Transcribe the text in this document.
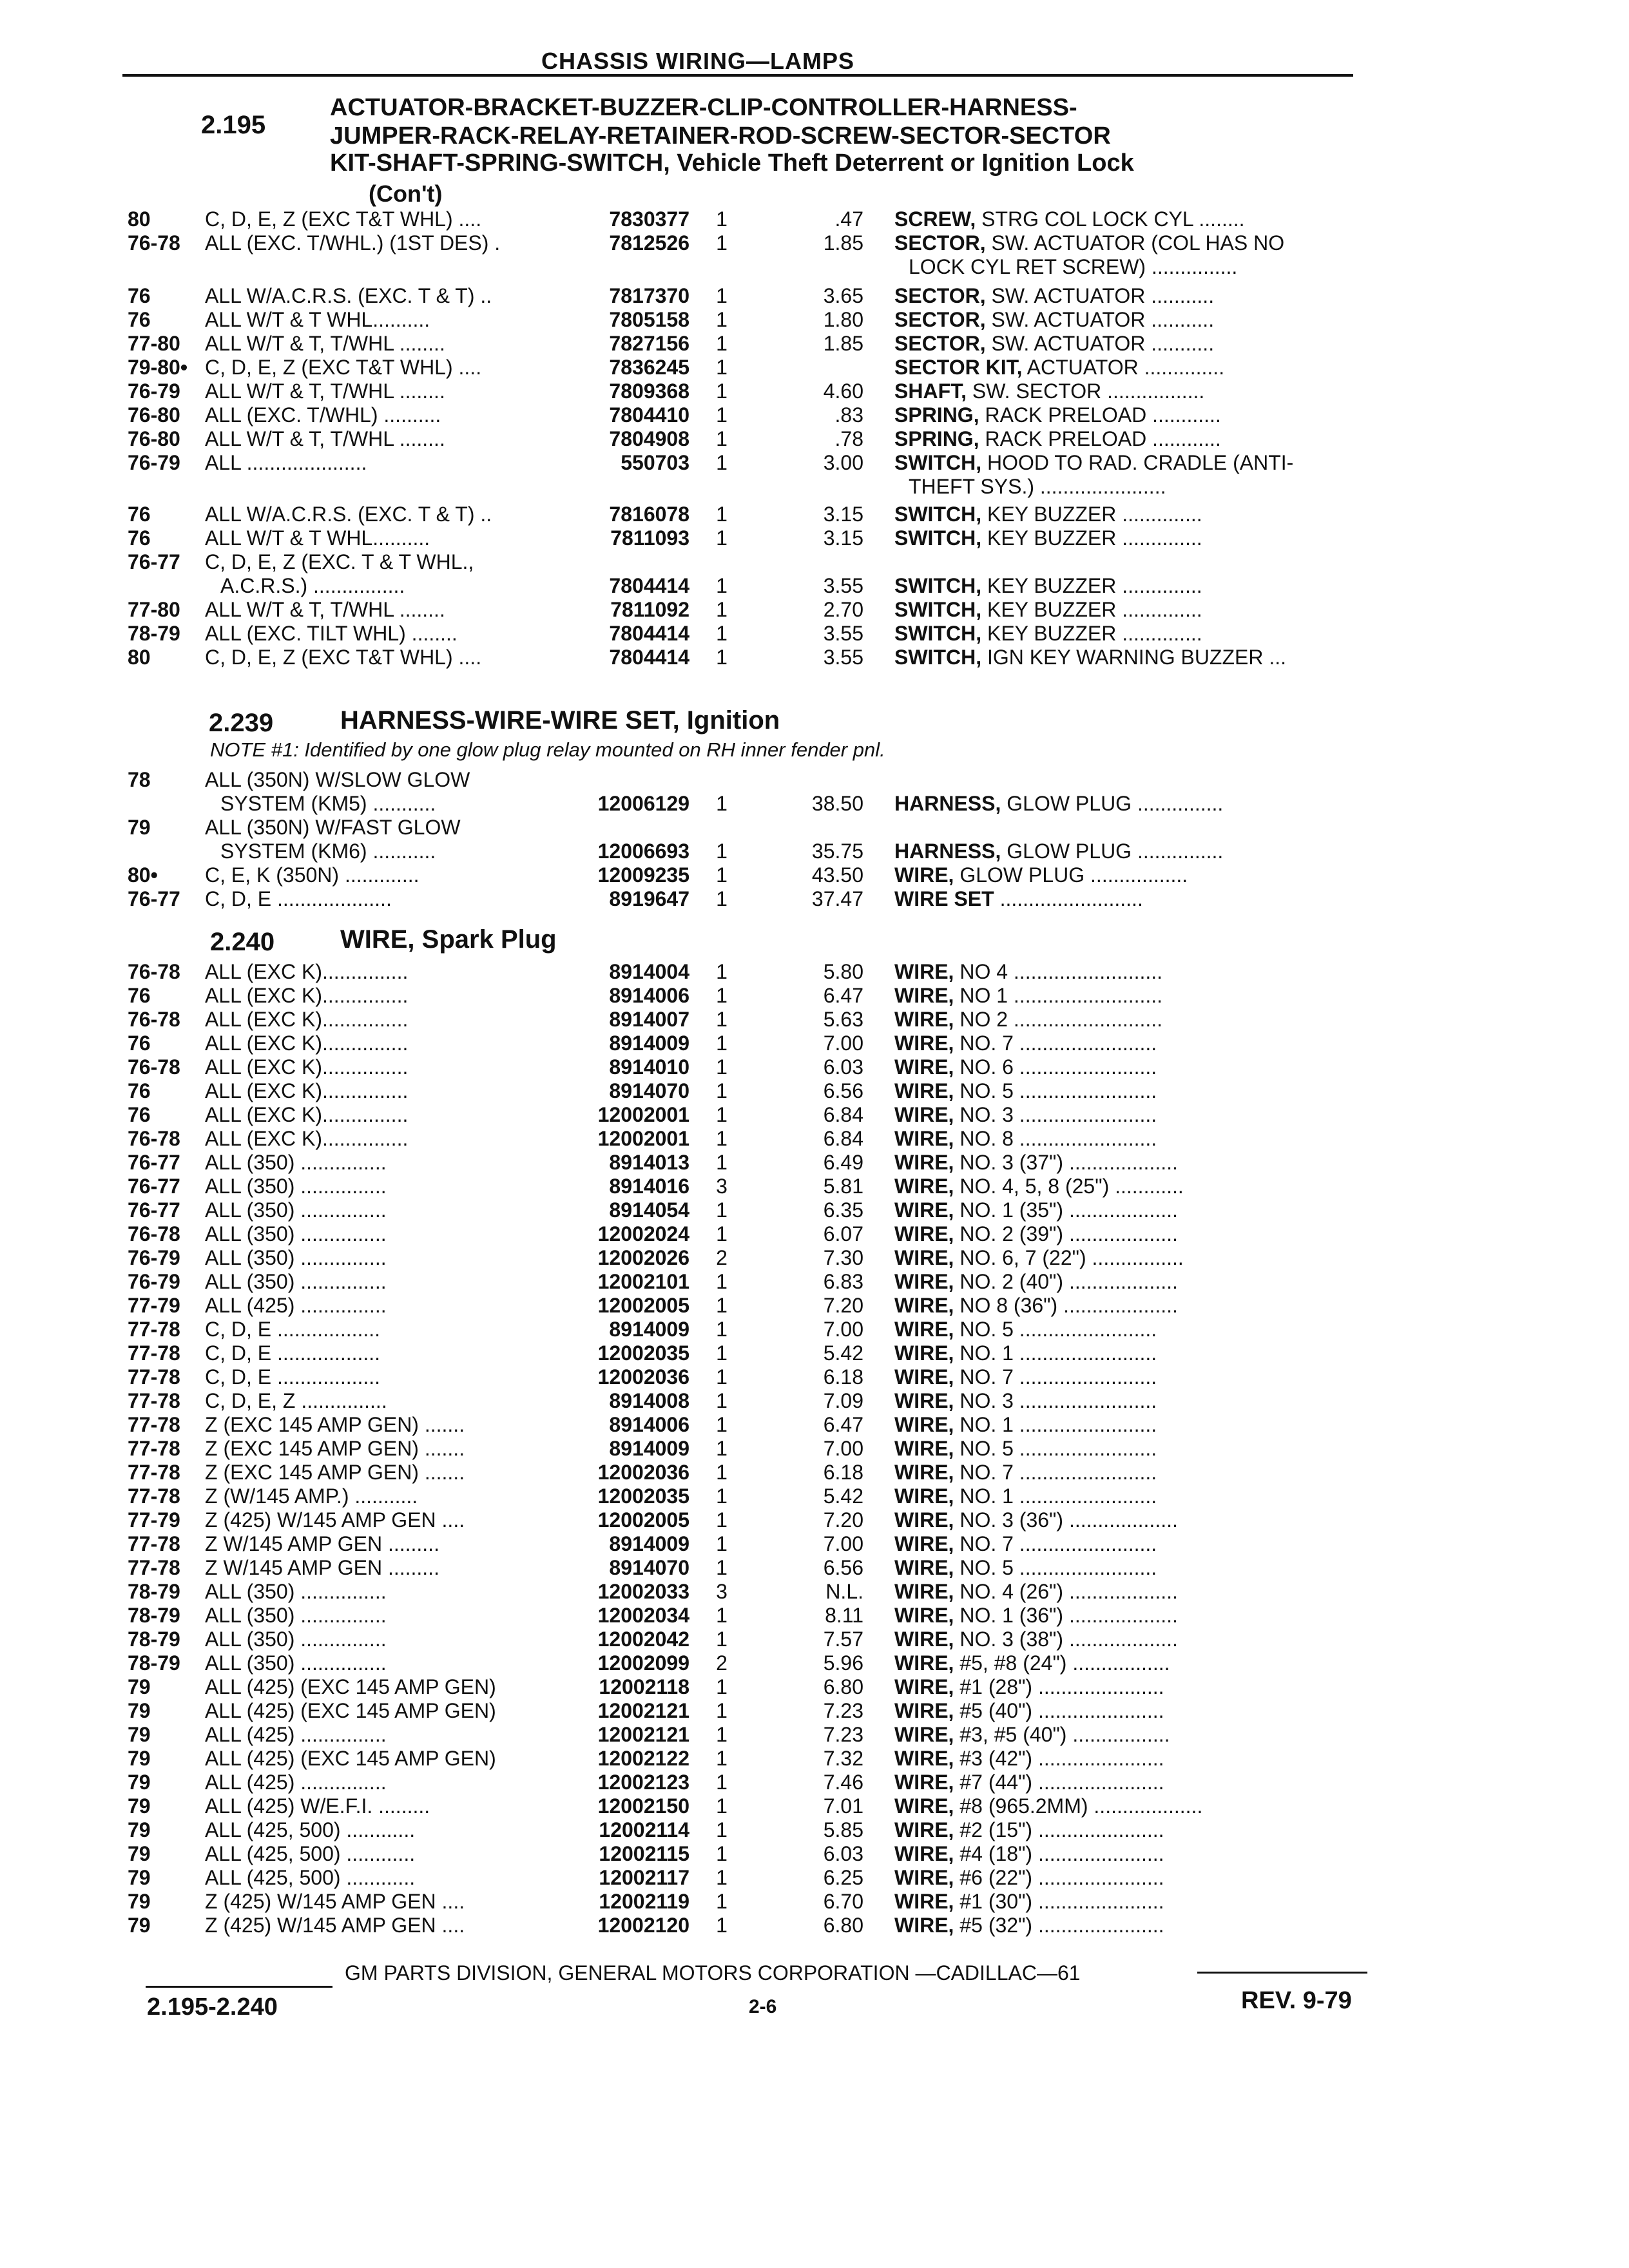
CHASSIS WIRING—LAMPS
2.195
ACTUATOR-BRACKET-BUZZER-CLIP-CONTROLLER-HARNESS-
JUMPER-RACK-RELAY-RETAINER-ROD-SCREW-SECTOR-SECTOR
KIT-SHAFT-SPRING-SWITCH, Vehicle Theft Deterrent or Ignition Lock
(Con't)
80	C, D, E, Z (EXC T&T WHL) ....	7830377	1	.47 SCREW, STRG COL LOCK CYL ........
76-78 ALL (EXC. T/WHL.) (1ST DES) .	7812526	1	1.85 SECTOR, SW. ACTUATOR (COL HAS NO
LOCK CYL RET SCREW) ...............
76	ALL W/A.C.R.S. (EXC. T & T) ..	7817370	1	3.65 SECTOR, SW. ACTUATOR ...........
76	ALL W/T & T WHL..........	7805158	1	1.80 SECTOR, SW. ACTUATOR ...........
77-80 ALL W/T & T, T/WHL ........	7827156	1	1.85 SECTOR, SW. ACTUATOR ...........
79-80• C, D, E, Z (EXC T&T WHL) ....	7836245	1	SECTOR KIT, ACTUATOR ..............
76-79 ALL W/T & T, T/WHL ........	7809368	1	4.60 SHAFT, SW. SECTOR .................
76-80 ALL (EXC. T/WHL) ..........	7804410	1	.83 SPRING, RACK PRELOAD ............
76-80 ALL W/T & T, T/WHL ........	7804908	1	.78 SPRING, RACK PRELOAD ............
76-79 ALL .....................	550703	1	3.00 SWITCH, HOOD TO RAD. CRADLE (ANTI-
THEFT SYS.) ......................
76	ALL W/A.C.R.S. (EXC. T & T) ..	7816078	1	3.15 SWITCH, KEY BUZZER ..............
76	ALL W/T & T WHL..........	7811093	1	3.15 SWITCH, KEY BUZZER ..............
76-77 C, D, E, Z (EXC. T & T WHL.,
A.C.R.S.) ................	7804414	1	3.55 SWITCH, KEY BUZZER ..............
77-80 ALL W/T & T, T/WHL ........	7811092	1	2.70 SWITCH, KEY BUZZER ..............
78-79 ALL (EXC. TILT WHL) ........	7804414	1	3.55 SWITCH, KEY BUZZER ..............
80	C, D, E, Z (EXC T&T WHL) ....	7804414	1	3.55 SWITCH, IGN KEY WARNING BUZZER ...
2.239	HARNESS-WIRE-WIRE SET, Ignition
NOTE #1: Identified by one glow plug relay mounted on RH inner fender pnl.
78	ALL (350N) W/SLOW GLOW
SYSTEM (KM5) ...........	12006129	1	38.50 HARNESS, GLOW PLUG ...............
79	ALL (350N) W/FAST GLOW
SYSTEM (KM6) ...........	12006693	1	35.75 HARNESS, GLOW PLUG ...............
80• C, E, K (350N) .............	12009235	1	43.50 WIRE, GLOW PLUG .................
76-77 C, D, E ....................	8919647	1	37.47 WIRE SET .........................
2.240	WIRE, Spark Plug
76-78 ALL (EXC K)...............	8914004	1	5.80 WIRE, NO 4 ..........................
76	ALL (EXC K)...............	8914006	1	6.47 WIRE, NO 1 ..........................
76-78 ALL (EXC K)...............	8914007	1	5.63 WIRE, NO 2 ..........................
76	ALL (EXC K)...............	8914009	1	7.00 WIRE, NO. 7 ........................
76-78 ALL (EXC K)...............	8914010	1	6.03 WIRE, NO. 6 ........................
76	ALL (EXC K)...............	8914070	1	6.56 WIRE, NO. 5 ........................
76	ALL (EXC K)...............	12002001	1	6.84 WIRE, NO. 3 ........................
76-78 ALL (EXC K)...............	12002001	1	6.84 WIRE, NO. 8 ........................
76-77 ALL (350) ...............	8914013	1	6.49 WIRE, NO. 3 (37") ...................
76-77 ALL (350) ...............	8914016	3	5.81 WIRE, NO. 4, 5, 8 (25") ............
76-77 ALL (350) ...............	8914054	1	6.35 WIRE, NO. 1 (35") ...................
76-78 ALL (350) ...............	12002024	1	6.07 WIRE, NO. 2 (39") ...................
76-79 ALL (350) ...............	12002026	2	7.30 WIRE, NO. 6, 7 (22") ................
76-79 ALL (350) ...............	12002101	1	6.83 WIRE, NO. 2 (40") ...................
77-79 ALL (425) ...............	12002005	1	7.20 WIRE, NO 8 (36") ....................
77-78 C, D, E ..................	8914009	1	7.00 WIRE, NO. 5 ........................
77-78 C, D, E ..................	12002035	1	5.42 WIRE, NO. 1 ........................
77-78 C, D, E ..................	12002036	1	6.18 WIRE, NO. 7 ........................
77-78 C, D, E, Z ...............	8914008	1	7.09 WIRE, NO. 3 ........................
77-78 Z (EXC 145 AMP GEN) .......	8914006	1	6.47 WIRE, NO. 1 ........................
77-78 Z (EXC 145 AMP GEN) .......	8914009	1	7.00 WIRE, NO. 5 ........................
77-78 Z (EXC 145 AMP GEN) .......	12002036	1	6.18 WIRE, NO. 7 ........................
77-78 Z (W/145 AMP.) ...........	12002035	1	5.42 WIRE, NO. 1 ........................
77-79 Z (425) W/145 AMP GEN ....	12002005	1	7.20 WIRE, NO. 3 (36") ...................
77-78 Z W/145 AMP GEN .........	8914009	1	7.00 WIRE, NO. 7 ........................
77-78 Z W/145 AMP GEN .........	8914070	1	6.56 WIRE, NO. 5 ........................
78-79 ALL (350) ...............	12002033	3	N.L. WIRE, NO. 4 (26") ...................
78-79 ALL (350) ...............	12002034	1	8.11 WIRE, NO. 1 (36") ...................
78-79 ALL (350) ...............	12002042	1	7.57 WIRE, NO. 3 (38") ...................
78-79 ALL (350) ...............	12002099	2	5.96 WIRE, #5, #8 (24") .................
79	ALL (425) (EXC 145 AMP GEN)	12002118	1	6.80 WIRE, #1 (28") ......................
79	ALL (425) (EXC 145 AMP GEN)	12002121	1	7.23 WIRE, #5 (40") ......................
79	ALL (425) ...............	12002121	1	7.23 WIRE, #3, #5 (40") .................
79	ALL (425) (EXC 145 AMP GEN)	12002122	1	7.32 WIRE, #3 (42") ......................
79	ALL (425) ...............	12002123	1	7.46 WIRE, #7 (44") ......................
79	ALL (425) W/E.F.I. .........	12002150	1	7.01 WIRE, #8 (965.2MM) ...................
79	ALL (425, 500) ............	12002114	1	5.85 WIRE, #2 (15") ......................
79	ALL (425, 500) ............	12002115	1	6.03 WIRE, #4 (18") ......................
79	ALL (425, 500) ............	12002117	1	6.25 WIRE, #6 (22") ......................
79	Z (425) W/145 AMP GEN ....	12002119	1	6.70 WIRE, #1 (30") ......................
79	Z (425) W/145 AMP GEN ....	12002120	1	6.80 WIRE, #5 (32") ......................
GM PARTS DIVISION, GENERAL MOTORS CORPORATION —CADILLAC—61
2-6
2.195-2.240	REV. 9-79
